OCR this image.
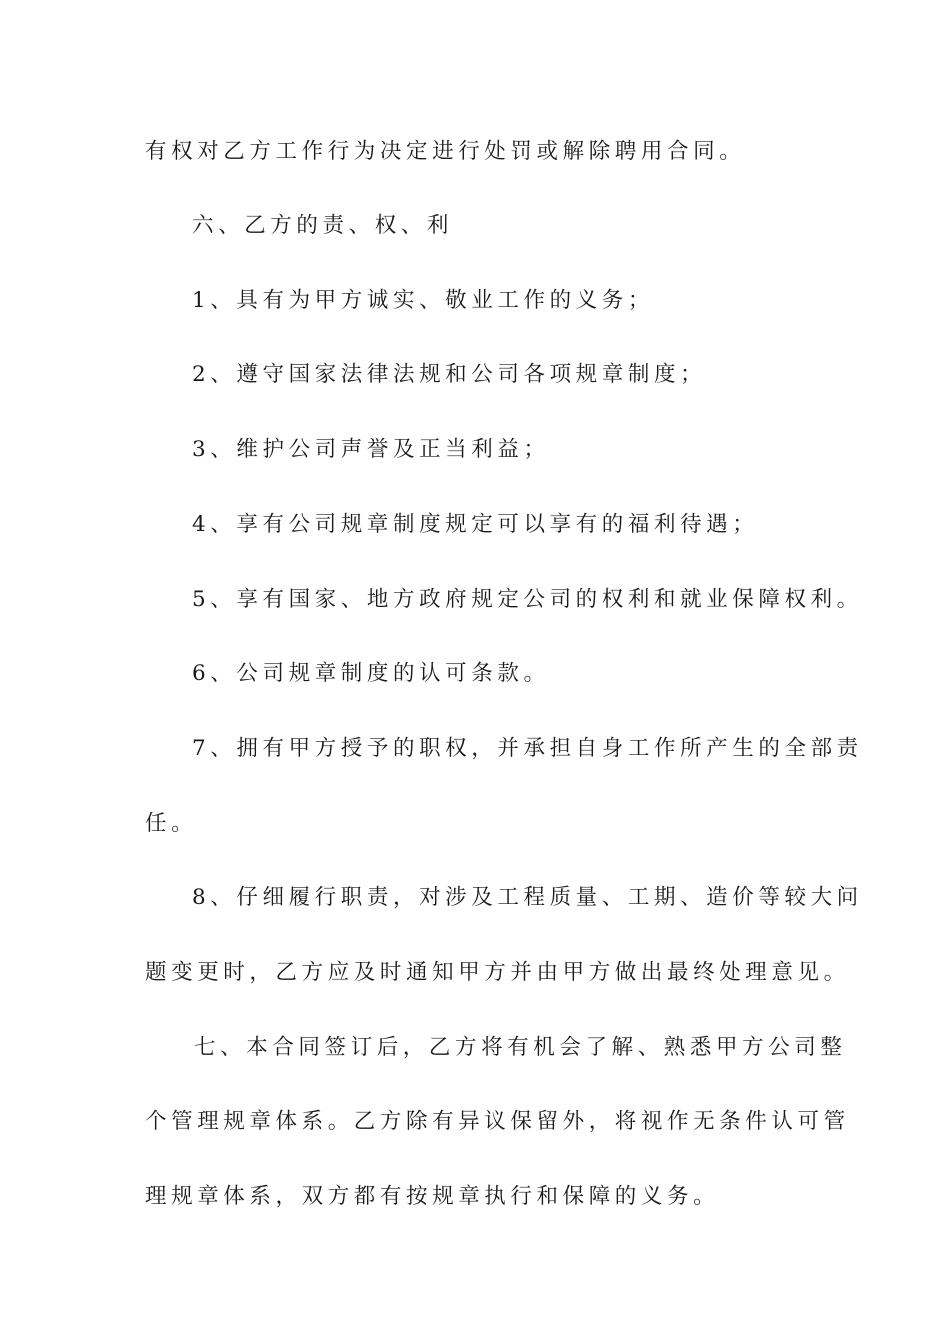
有权对乙方工作行为决定进行处罚或解除聘用合同。
六、乙方的责、权、利
1、具有为甲方诚实、敬业工作的义务；
2、遵守国家法律法规和公司各项规章制度；
3、维护公司声誉及正当利益；
4、享有公司规章制度规定可以享有的福利待遇；
5、享有国家、地方政府规定公司的权利和就业保障权利。
6、公司规章制度的认可条款。
7、拥有甲方授予的职权，并承担自身工作所产生的全部责
任。
8、仔细履行职责，对涉及工程质量、工期、造价等较大问
题变更时，乙方应及时通知甲方并由甲方做出最终处理意见。
七、本合同签订后，乙方将有机会了解、熟悉甲方公司整
个管理规章体系。乙方除有异议保留外，将视作无条件认可管
理规章体系，双方都有按规章执行和保障的义务。
